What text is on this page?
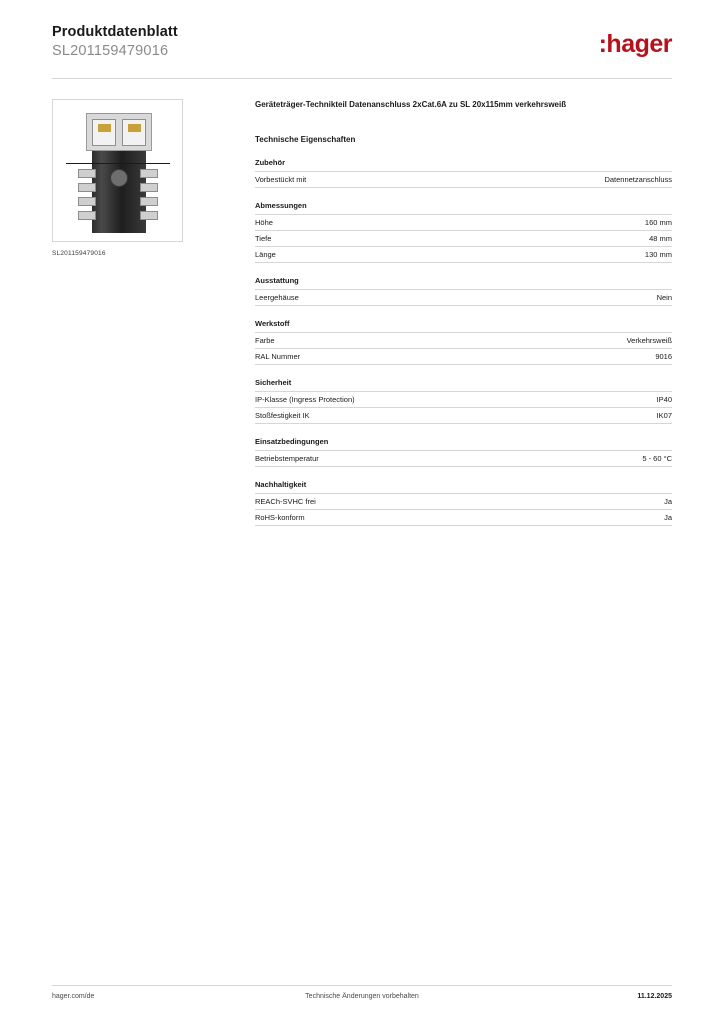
Produktdatenblatt
SL201159479016	:hager
SL201159479016
Geräteträger-Technikteil Datenanschluss 2xCat.6A zu SL 20x115mm verkehrsweiß
Technische Eigenschaften
Zubehör
Vorbestückt mit	Datennetzanschluss
Abmessungen
Höhe	160 mm
Tiefe	48 mm
Länge	130 mm
Ausstattung
Leergehäuse	Nein
Werkstoff
Farbe	Verkehrsweiß
RAL Nummer	9016
Sicherheit
IP-Klasse (Ingress Protection)	IP40
Stoßfestigkeit IK	IK07
Einsatzbedingungen
Betriebstemperatur	5 - 60 °C
Nachhaltigkeit
REACh-SVHC frei	Ja
RoHS-konform	Ja
hager.com/de	Technische Änderungen vorbehalten	11.12.2025
